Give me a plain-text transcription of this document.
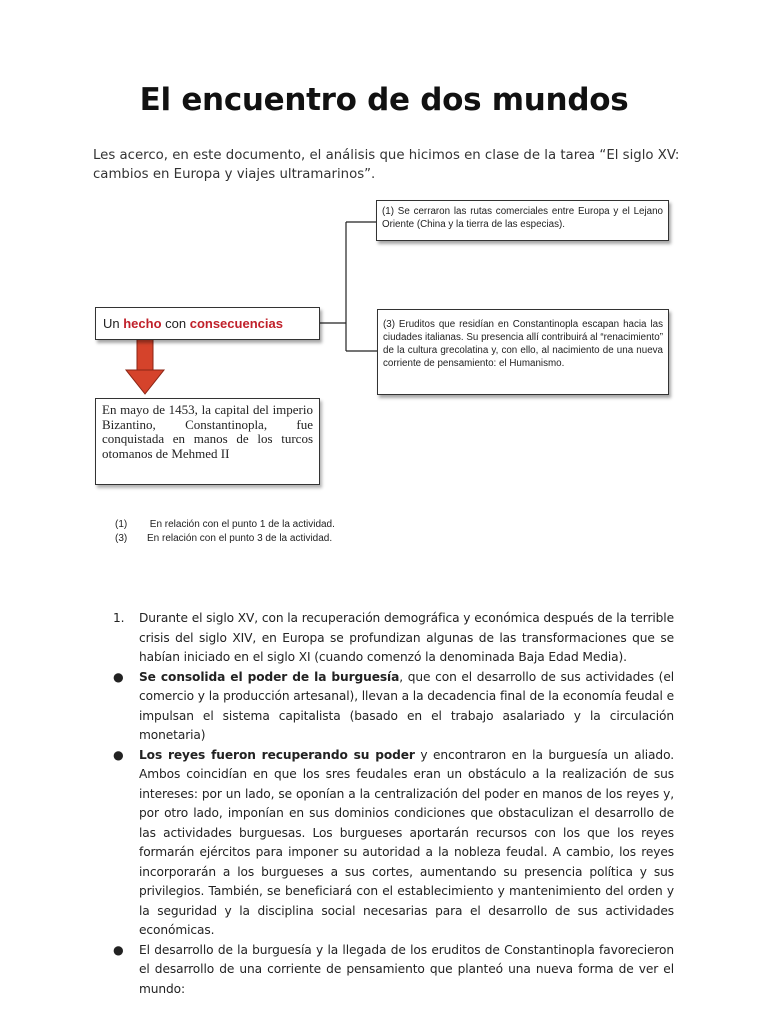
El encuentro de dos mundos
Les acerco, en este documento, el análisis que hicimos en clase de la tarea “El siglo XV: cambios en Europa y viajes ultramarinos”.
(1) Se cerraron las rutas comerciales entre Europa y el Lejano Oriente (China y la tierra de las especias).
(3) Eruditos que residían en Constantinopla escapan hacia las ciudades italianas. Su presencia allí contribuirá al “renacimiento” de la cultura grecolatina y, con ello, al nacimiento de una nueva corriente de pensamiento: el Humanismo.
Un hecho con consecuencias
En mayo de 1453, la capital del imperio Bizantino, Constantinopla, fue conquistada en manos de los turcos otomanos de Mehmed II
(1)	En relación con el punto 1 de la actividad.
(3)	En relación con el punto 3 de la actividad.
1. Durante el siglo XV, con la recuperación demográfica y económica después de la terrible crisis del siglo XIV, en Europa se profundizan algunas de las transformaciones que se habían iniciado en el siglo XI (cuando comenzó la denominada Baja Edad Media).
● Se consolida el poder de la burguesía, que con el desarrollo de sus actividades (el comercio y la producción artesanal), llevan a la decadencia final de la economía feudal e impulsan el sistema capitalista (basado en el trabajo asalariado y la circulación monetaria)
● Los reyes fueron recuperando su poder y encontraron en la burguesía un aliado. Ambos coincidían en que los sres feudales eran un obstáculo a la realización de sus intereses: por un lado, se oponían a la centralización del poder en manos de los reyes y, por otro lado, imponían en sus dominios condiciones que obstaculizan el desarrollo de las actividades burguesas. Los burgueses aportarán recursos con los que los reyes formarán ejércitos para imponer su autoridad a la nobleza feudal. A cambio, los reyes incorporarán a los burgueses a sus cortes, aumentando su presencia política y sus privilegios. También, se beneficiará con el establecimiento y mantenimiento del orden y la seguridad y la disciplina social necesarias para el desarrollo de sus actividades económicas.
● El desarrollo de la burguesía y la llegada de los eruditos de Constantinopla favorecieron el desarrollo de una corriente de pensamiento que planteó una nueva forma de ver el mundo:
